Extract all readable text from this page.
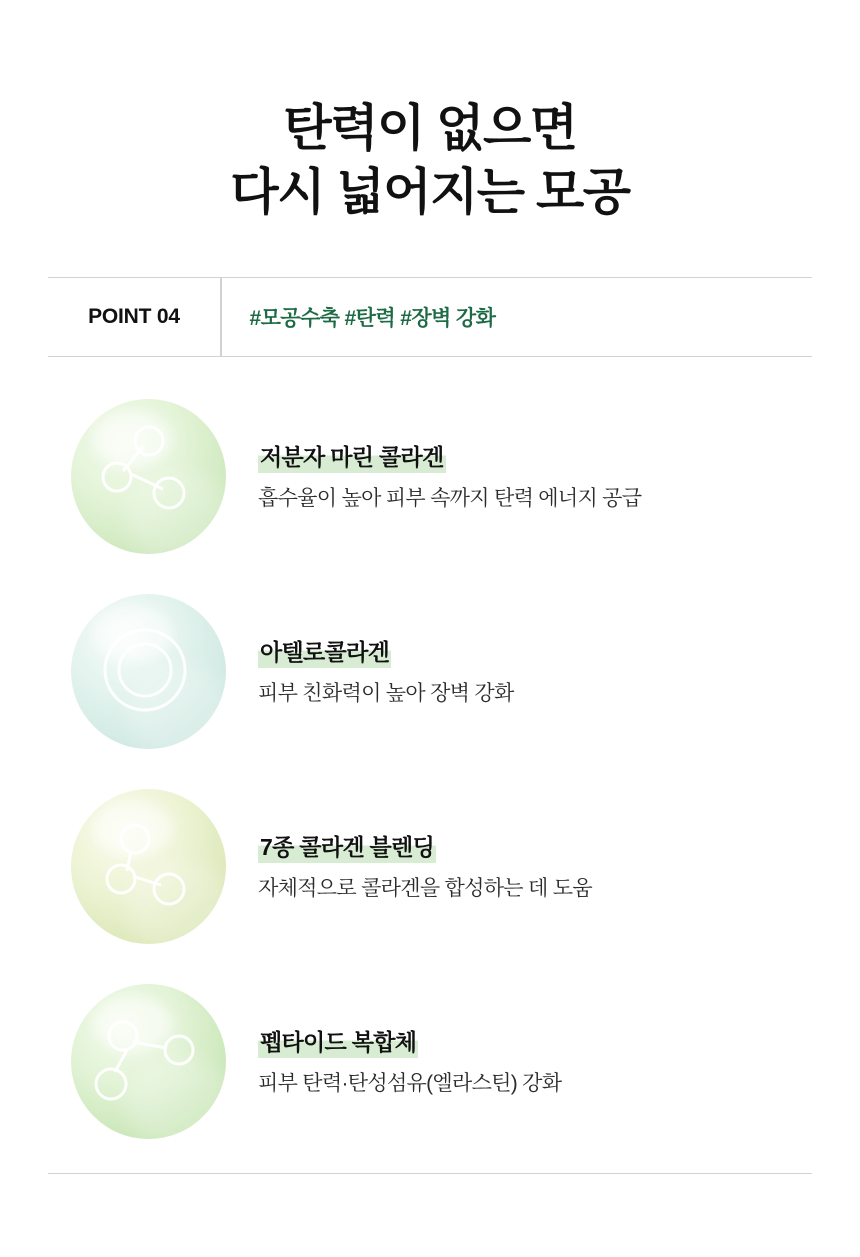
탄력이 없으면
다시 넓어지는 모공
POINT 04	#모공수축 #탄력 #장벽 강화
저분자 마린 콜라겐
흡수율이 높아 피부 속까지 탄력 에너지 공급
아텔로콜라겐
피부 친화력이 높아 장벽 강화
7종 콜라겐 블렌딩
자체적으로 콜라겐을 합성하는 데 도움
펩타이드 복합체
피부 탄력·탄성섬유(엘라스틴) 강화
